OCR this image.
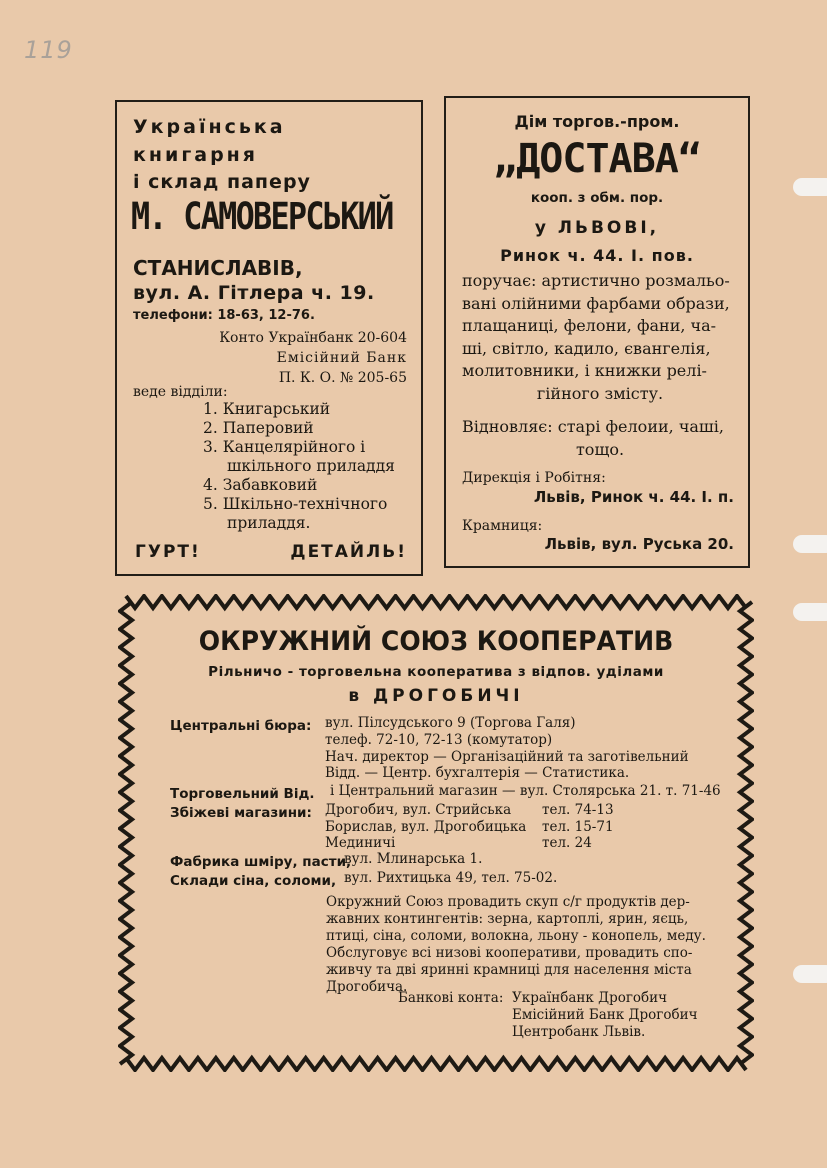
119
Українська
книгарня
і склад паперу
М. САМОВЕРСЬКИЙ
СТАНИСЛАВІВ,
вул. А. Гітлера ч. 19.
телефони: 18-63, 12-76.
Конто Українбанк 20-604
Емісійний Банк
П. К. О. № 205-65
веде відділи:
1. Книгарський
2. Паперовий
3. Канцелярійного і
шкільного приладдя
4. Забавковий
5. Шкільно-технічного
приладдя.
ГУРТ!	ДЕТАЙЛЬ!
Дім торгов.-пром.
„ДОСТАВА“
кооп. з обм. пор.
у ЛЬВОВІ,
Ринок ч. 44. І. пов.
поручає: артистично розмальо-
вані олійними фарбами образи,
плащаниці, фелони, фани, ча-
ші, світло, кадило, євангелія,
молитовники, і книжки релі-
гійного змісту.
Відновляє: старі фелоии, чаші,
тощо.
Дирекція і Робітня:
Львів, Ринок ч. 44. І. п.
Крамниця:
Львів, вул. Руська 20.
ОКРУЖНИЙ СОЮЗ КООПЕРАТИВ
Рільничо - торговельна кооператива з відпов. уділами
в ДРОГОБИЧІ
Центральні бюра: вул. Пілсудського 9 (Торгова Галя)
телеф. 72-10, 72-13 (комутатор)
Нач. директор — Організаційний та заготівельний
Відд. — Центр. бухгалтерія — Статистика.
Торговельний Від. і Центральний магазин — вул. Столярська 21. т. 71-46
Збіжеві магазини: Дрогобич, вул. Стрийська
Борислав, вул. Дрогобицька
Мединичі
тел. 74-13
тел. 15-71
тел. 24
Фабрика шміру, пасти,
вул. Млинарська 1.
Склади сіна, соломи, вул. Рихтицька 49, тел. 75-02.
Окружний Союз провадить скуп с/г продуктів дер-
жавних контингентів: зерна, картоплі, ярин, яєць,
птиці, сіна, соломи, волокна, льону - конопель, меду.
Обслуговує всі низові кооперативи, провадить спо-
живчу та дві яринні крамниці для населення міста
Дрогобича.
Банкові конта: Українбанк Дрогобич
Емісійний Банк Дрогобич
Центробанк Львів.
